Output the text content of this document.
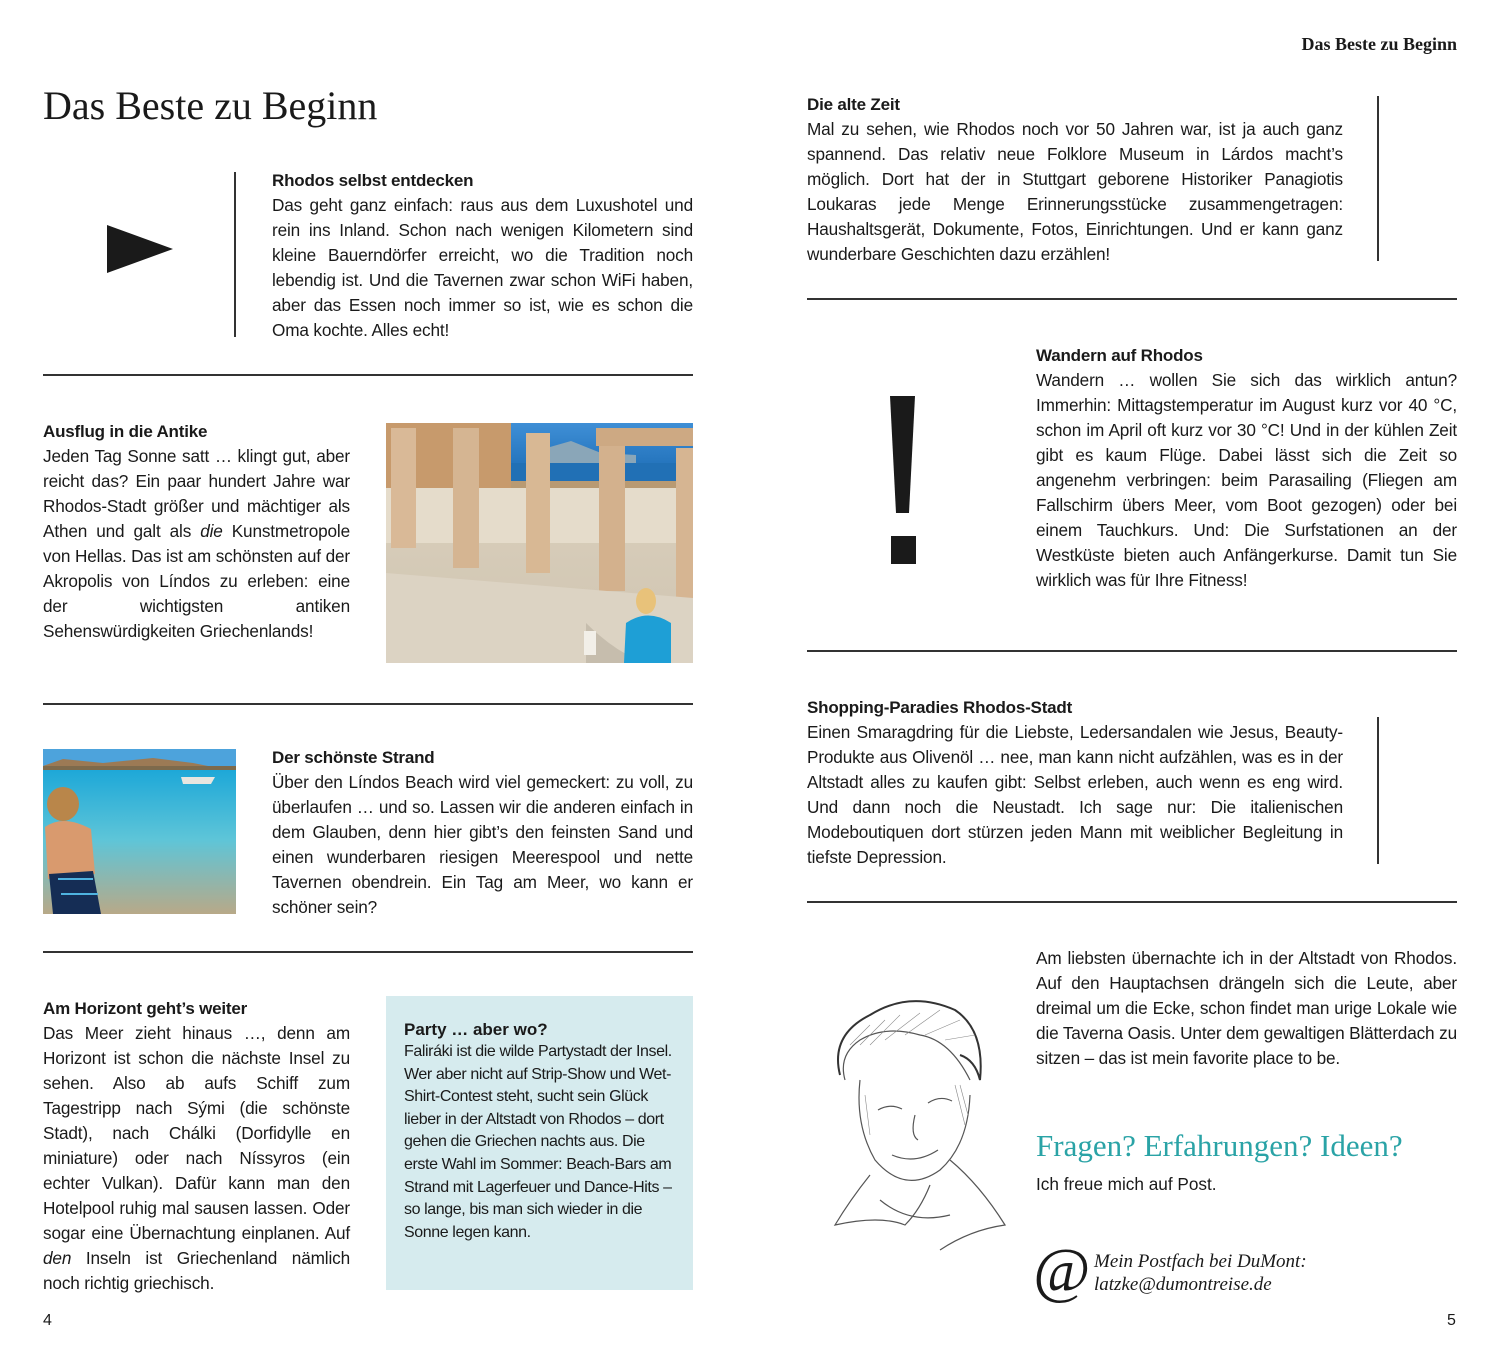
Das Beste zu Beginn
Das Beste zu Beginn
Rhodos selbst entdecken

Das geht ganz einfach: raus aus dem Luxushotel und rein ins Inland. Schon nach wenigen Kilometern sind kleine Bauerndörfer erreicht, wo die Tradition noch lebendig ist. Und die Tavernen zwar schon WiFi haben, aber das Essen noch immer so ist, wie es schon die Oma kochte. Alles echt!

Ausflug in die Antike

Jeden Tag Sonne satt … klingt gut, aber reicht das? Ein paar hundert Jahre war Rhodos-Stadt größer und mächtiger als Athen und galt als die Kunstmetropole von Hellas. Das ist am schönsten auf der Akropolis von Líndos zu erleben: eine der wichtigsten antiken Sehenswürdigkeiten Griechenlands!

Der schönste Strand

Über den Líndos Beach wird viel gemeckert: zu voll, zu überlaufen … und so. Lassen wir die anderen einfach in dem Glauben, denn hier gibt’s den feinsten Sand und einen wunderbaren riesigen Meerespool und nette Tavernen obendrein. Ein Tag am Meer, wo kann er schöner sein?

Am Horizont geht’s weiter

Das Meer zieht hinaus …, denn am Horizont ist schon die nächste Insel zu sehen. Also ab aufs Schiff zum Tagestripp nach Sými (die schönste Stadt), nach Chálki (Dorfidylle en miniature) oder nach Níssyros (ein echter Vulkan). Dafür kann man den Hotelpool ruhig mal sausen lassen. Oder sogar eine Übernachtung einplanen. Auf den Inseln ist Griechenland nämlich noch richtig griechisch.

Party … aber wo?

Faliráki ist die wilde Partystadt der Insel. Wer aber nicht auf Strip-Show und Wet-Shirt-Contest steht, sucht sein Glück lieber in der Altstadt von Rhodos – dort gehen die Griechen nachts aus. Die erste Wahl im Sommer: Beach-Bars am Strand mit Lagerfeuer und Dance-Hits – so lange, bis man sich wieder in die Sonne legen kann.

4
Die alte Zeit

Mal zu sehen, wie Rhodos noch vor 50 Jahren war, ist ja auch ganz spannend. Das relativ neue Folklore Museum in Lárdos macht’s möglich. Dort hat der in Stuttgart geborene Historiker Panagiotis Loukaras jede Menge Erinnerungsstücke zusammengetragen: Haushaltsgerät, Dokumente, Fotos, Einrichtungen. Und er kann ganz wunderbare Geschichten dazu erzählen!

Wandern auf Rhodos

Wandern … wollen Sie sich das wirklich antun? Immerhin: Mittagstemperatur im August kurz vor 40 °C, schon im April oft kurz vor 30 °C! Und in der kühlen Zeit gibt es kaum Flüge. Dabei lässt sich die Zeit so angenehm verbringen: beim Parasailing (Fliegen am Fallschirm übers Meer, vom Boot gezogen) oder bei einem Tauchkurs. Und: Die Surfstationen an der Westküste bieten auch Anfängerkurse. Damit tun Sie wirklich was für Ihre Fitness!

Shopping-Paradies Rhodos-Stadt

Einen Smaragdring für die Liebste, Ledersandalen wie Jesus, Beauty-Produkte aus Olivenöl … nee, man kann nicht aufzählen, was es in der Altstadt alles zu kaufen gibt: Selbst erleben, auch wenn es eng wird. Und dann noch die Neustadt. Ich sage nur: Die italienischen Modeboutiquen dort stürzen jeden Mann mit weiblicher Begleitung in tiefste Depression.

Am liebsten übernachte ich in der Altstadt von Rhodos. Auf den Hauptachsen drängeln sich die Leute, aber dreimal um die Ecke, schon findet man urige Lokale wie die Taverna Oasis. Unter dem gewaltigen Blätterdach zu sitzen – das ist mein favorite place to be.

Fragen? Erfahrungen? Ideen?
Ich freue mich auf Post.
@ Mein Postfach bei DuMont:
latzke@dumontreise.de
5
